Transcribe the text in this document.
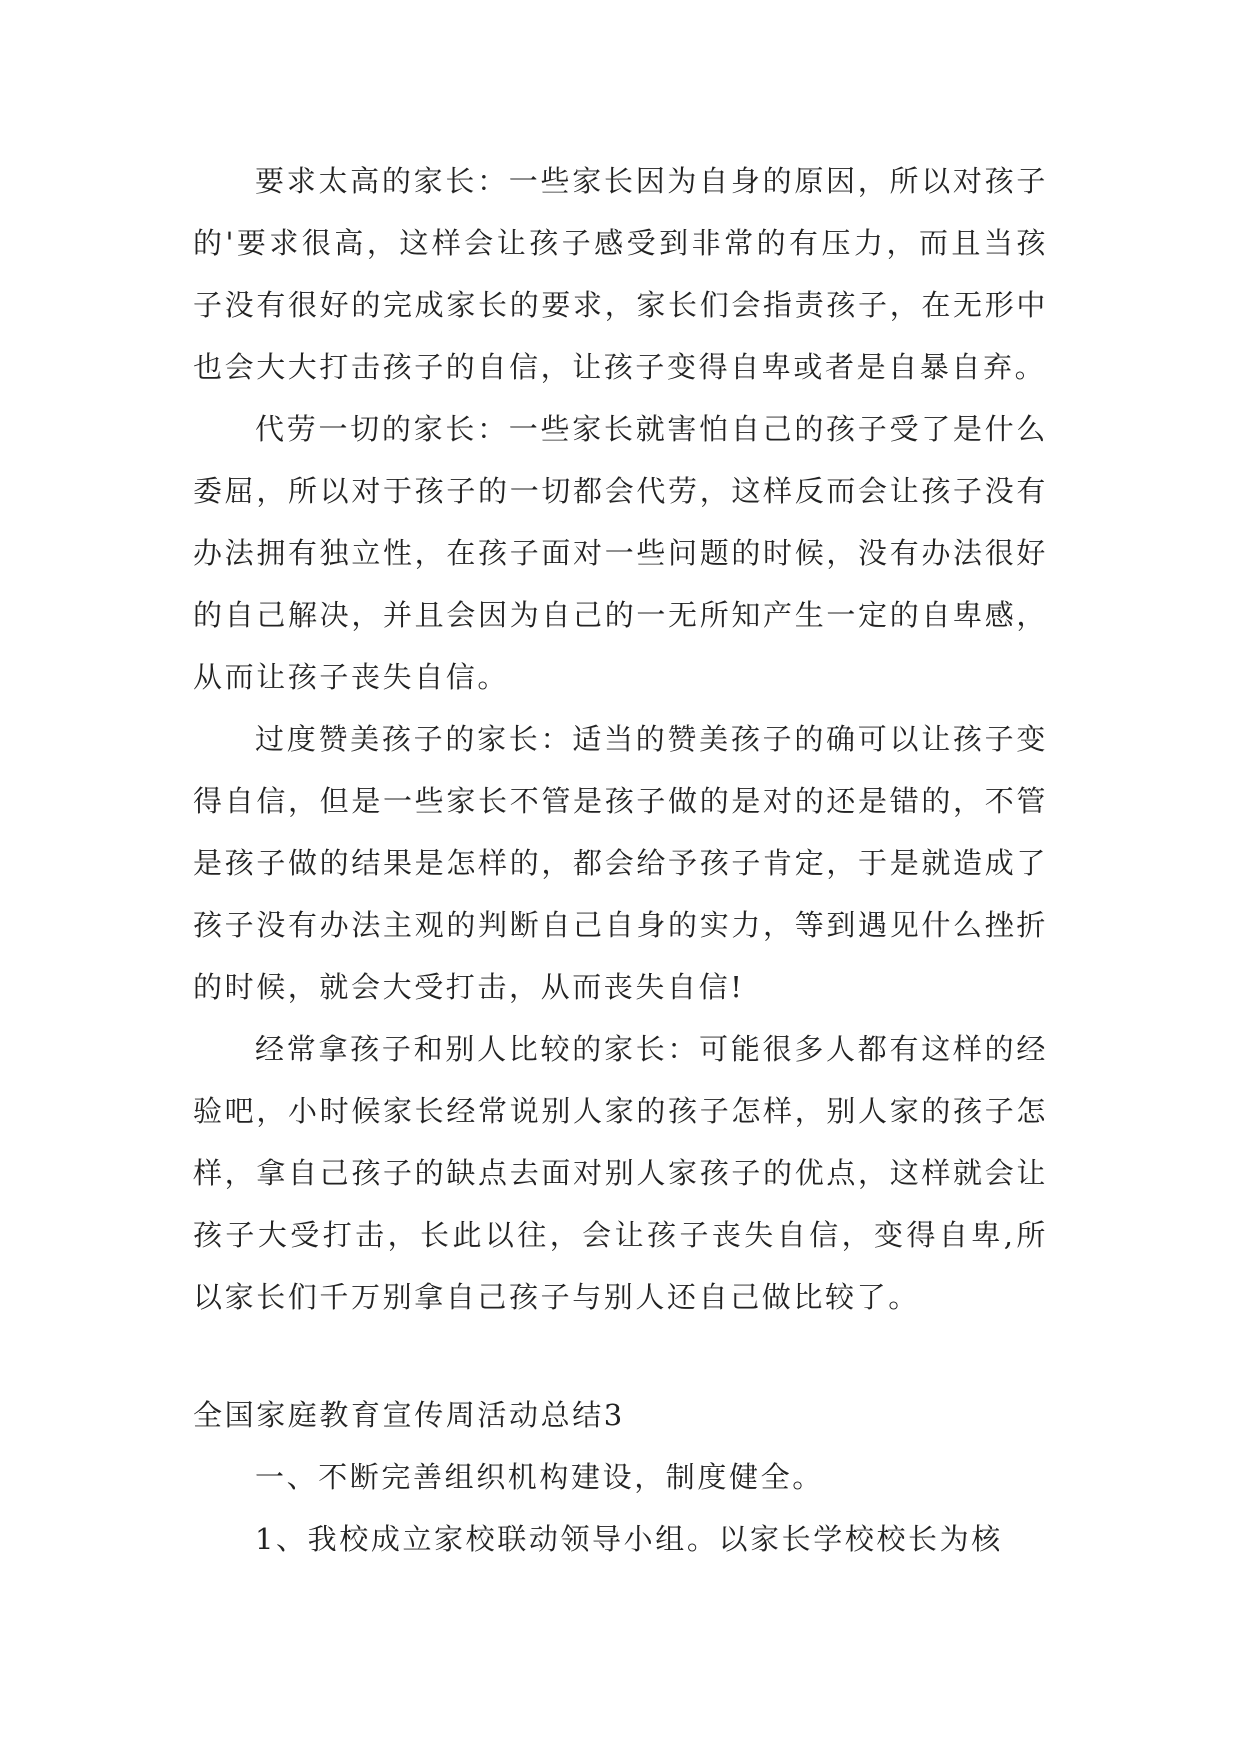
要求太高的家长：一些家长因为自身的原因，所以对孩子的'要求很高，这样会让孩子感受到非常的有压力，而且当孩子没有很好的完成家长的要求，家长们会指责孩子，在无形中也会大大打击孩子的自信，让孩子变得自卑或者是自暴自弃。

代劳一切的家长：一些家长就害怕自己的孩子受了是什么委屈，所以对于孩子的一切都会代劳，这样反而会让孩子没有办法拥有独立性，在孩子面对一些问题的时候，没有办法很好的自己解决，并且会因为自己的一无所知产生一定的自卑感，从而让孩子丧失自信。

过度赞美孩子的家长：适当的赞美孩子的确可以让孩子变得自信，但是一些家长不管是孩子做的是对的还是错的，不管是孩子做的结果是怎样的，都会给予孩子肯定，于是就造成了孩子没有办法主观的判断自己自身的实力，等到遇见什么挫折的时候，就会大受打击，从而丧失自信!

经常拿孩子和别人比较的家长：可能很多人都有这样的经验吧，小时候家长经常说别人家的孩子怎样，别人家的孩子怎样，拿自己孩子的缺点去面对别人家孩子的优点，这样就会让孩子大受打击，长此以往，会让孩子丧失自信，变得自卑,所以家长们千万别拿自己孩子与别人还自己做比较了。

全国家庭教育宣传周活动总结3

一、不断完善组织机构建设，制度健全。

1、我校成立家校联动领导小组。以家长学校校长为核
